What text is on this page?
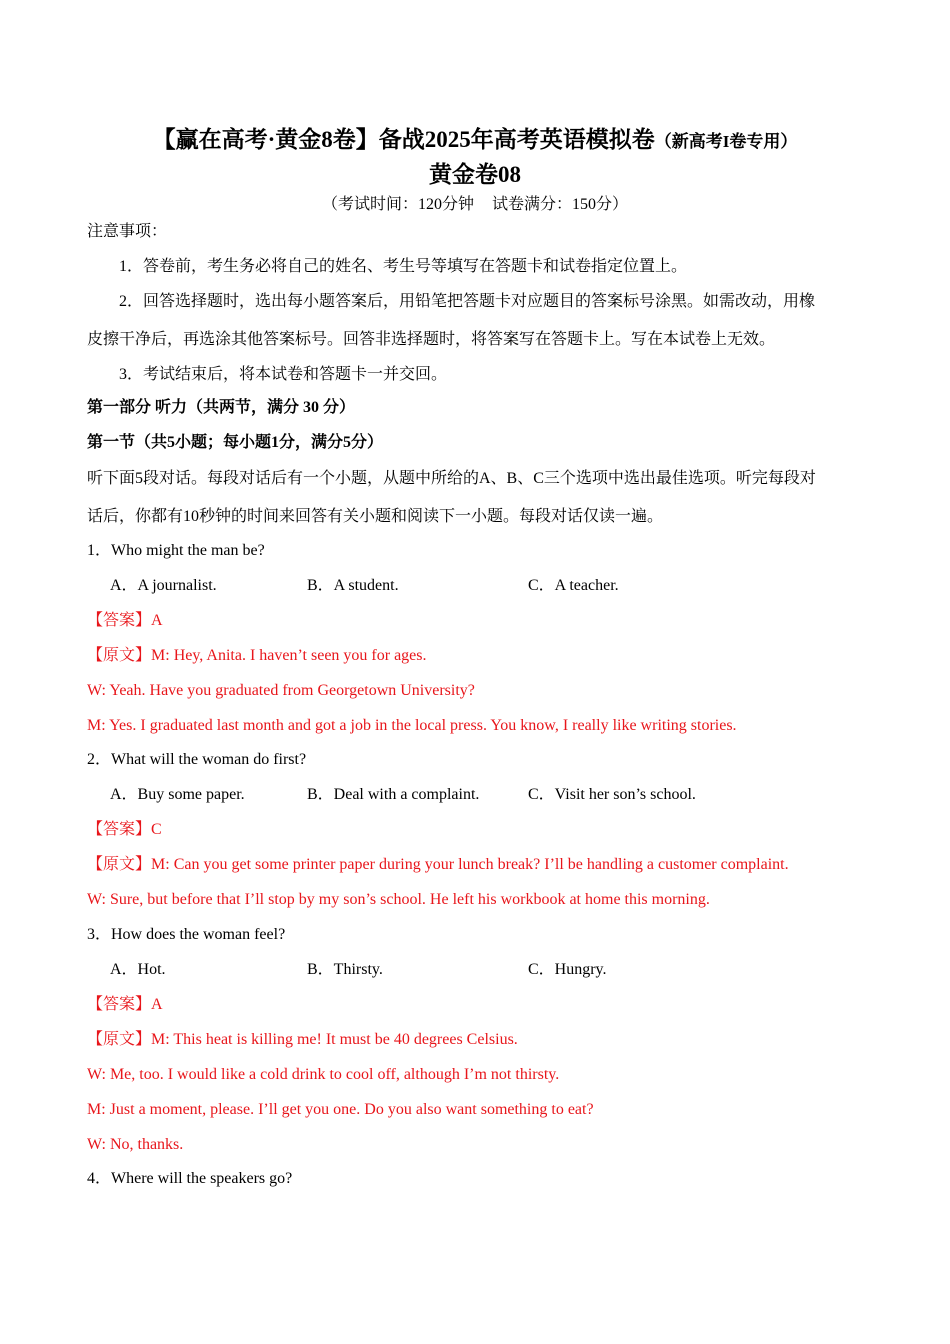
【赢在高考·黄金8卷】备战2025年高考英语模拟卷（新高考I卷专用）
黄金卷08
（考试时间：120分钟 试卷满分：150分）
注意事项：
1．答卷前，考生务必将自己的姓名、考生号等填写在答题卡和试卷指定位置上。
2．回答选择题时，选出每小题答案后，用铅笔把答题卡对应题目的答案标号涂黑。如需改动，用橡
皮擦干净后，再选涂其他答案标号。回答非选择题时，将答案写在答题卡上。写在本试卷上无效。
3．考试结束后，将本试卷和答题卡一并交回。
第一部分 听力（共两节，满分 30 分）
第一节（共5小题；每小题1分，满分5分）
听下面5段对话。每段对话后有一个小题，从题中所给的A、B、C三个选项中选出最佳选项。听完每段对
话后，你都有10秒钟的时间来回答有关小题和阅读下一小题。每段对话仅读一遍。
1．Who might the man be?
A．A journalist.	B．A student.	C．A teacher.
【答案】A
【原文】M: Hey, Anita. I haven’t seen you for ages.
W: Yeah. Have you graduated from Georgetown University?
M: Yes. I graduated last month and got a job in the local press. You know, I really like writing stories.
2．What will the woman do first?
A．Buy some paper.	B．Deal with a complaint.	C．Visit her son’s school.
【答案】C
【原文】M: Can you get some printer paper during your lunch break? I’ll be handling a customer complaint.
W: Sure, but before that I’ll stop by my son’s school. He left his workbook at home this morning.
3．How does the woman feel?
A．Hot.	B．Thirsty.	C．Hungry.
【答案】A
【原文】M: This heat is killing me! It must be 40 degrees Celsius.
W: Me, too. I would like a cold drink to cool off, although I’m not thirsty.
M: Just a moment, please. I’ll get you one. Do you also want something to eat?
W: No, thanks.
4．Where will the speakers go?
